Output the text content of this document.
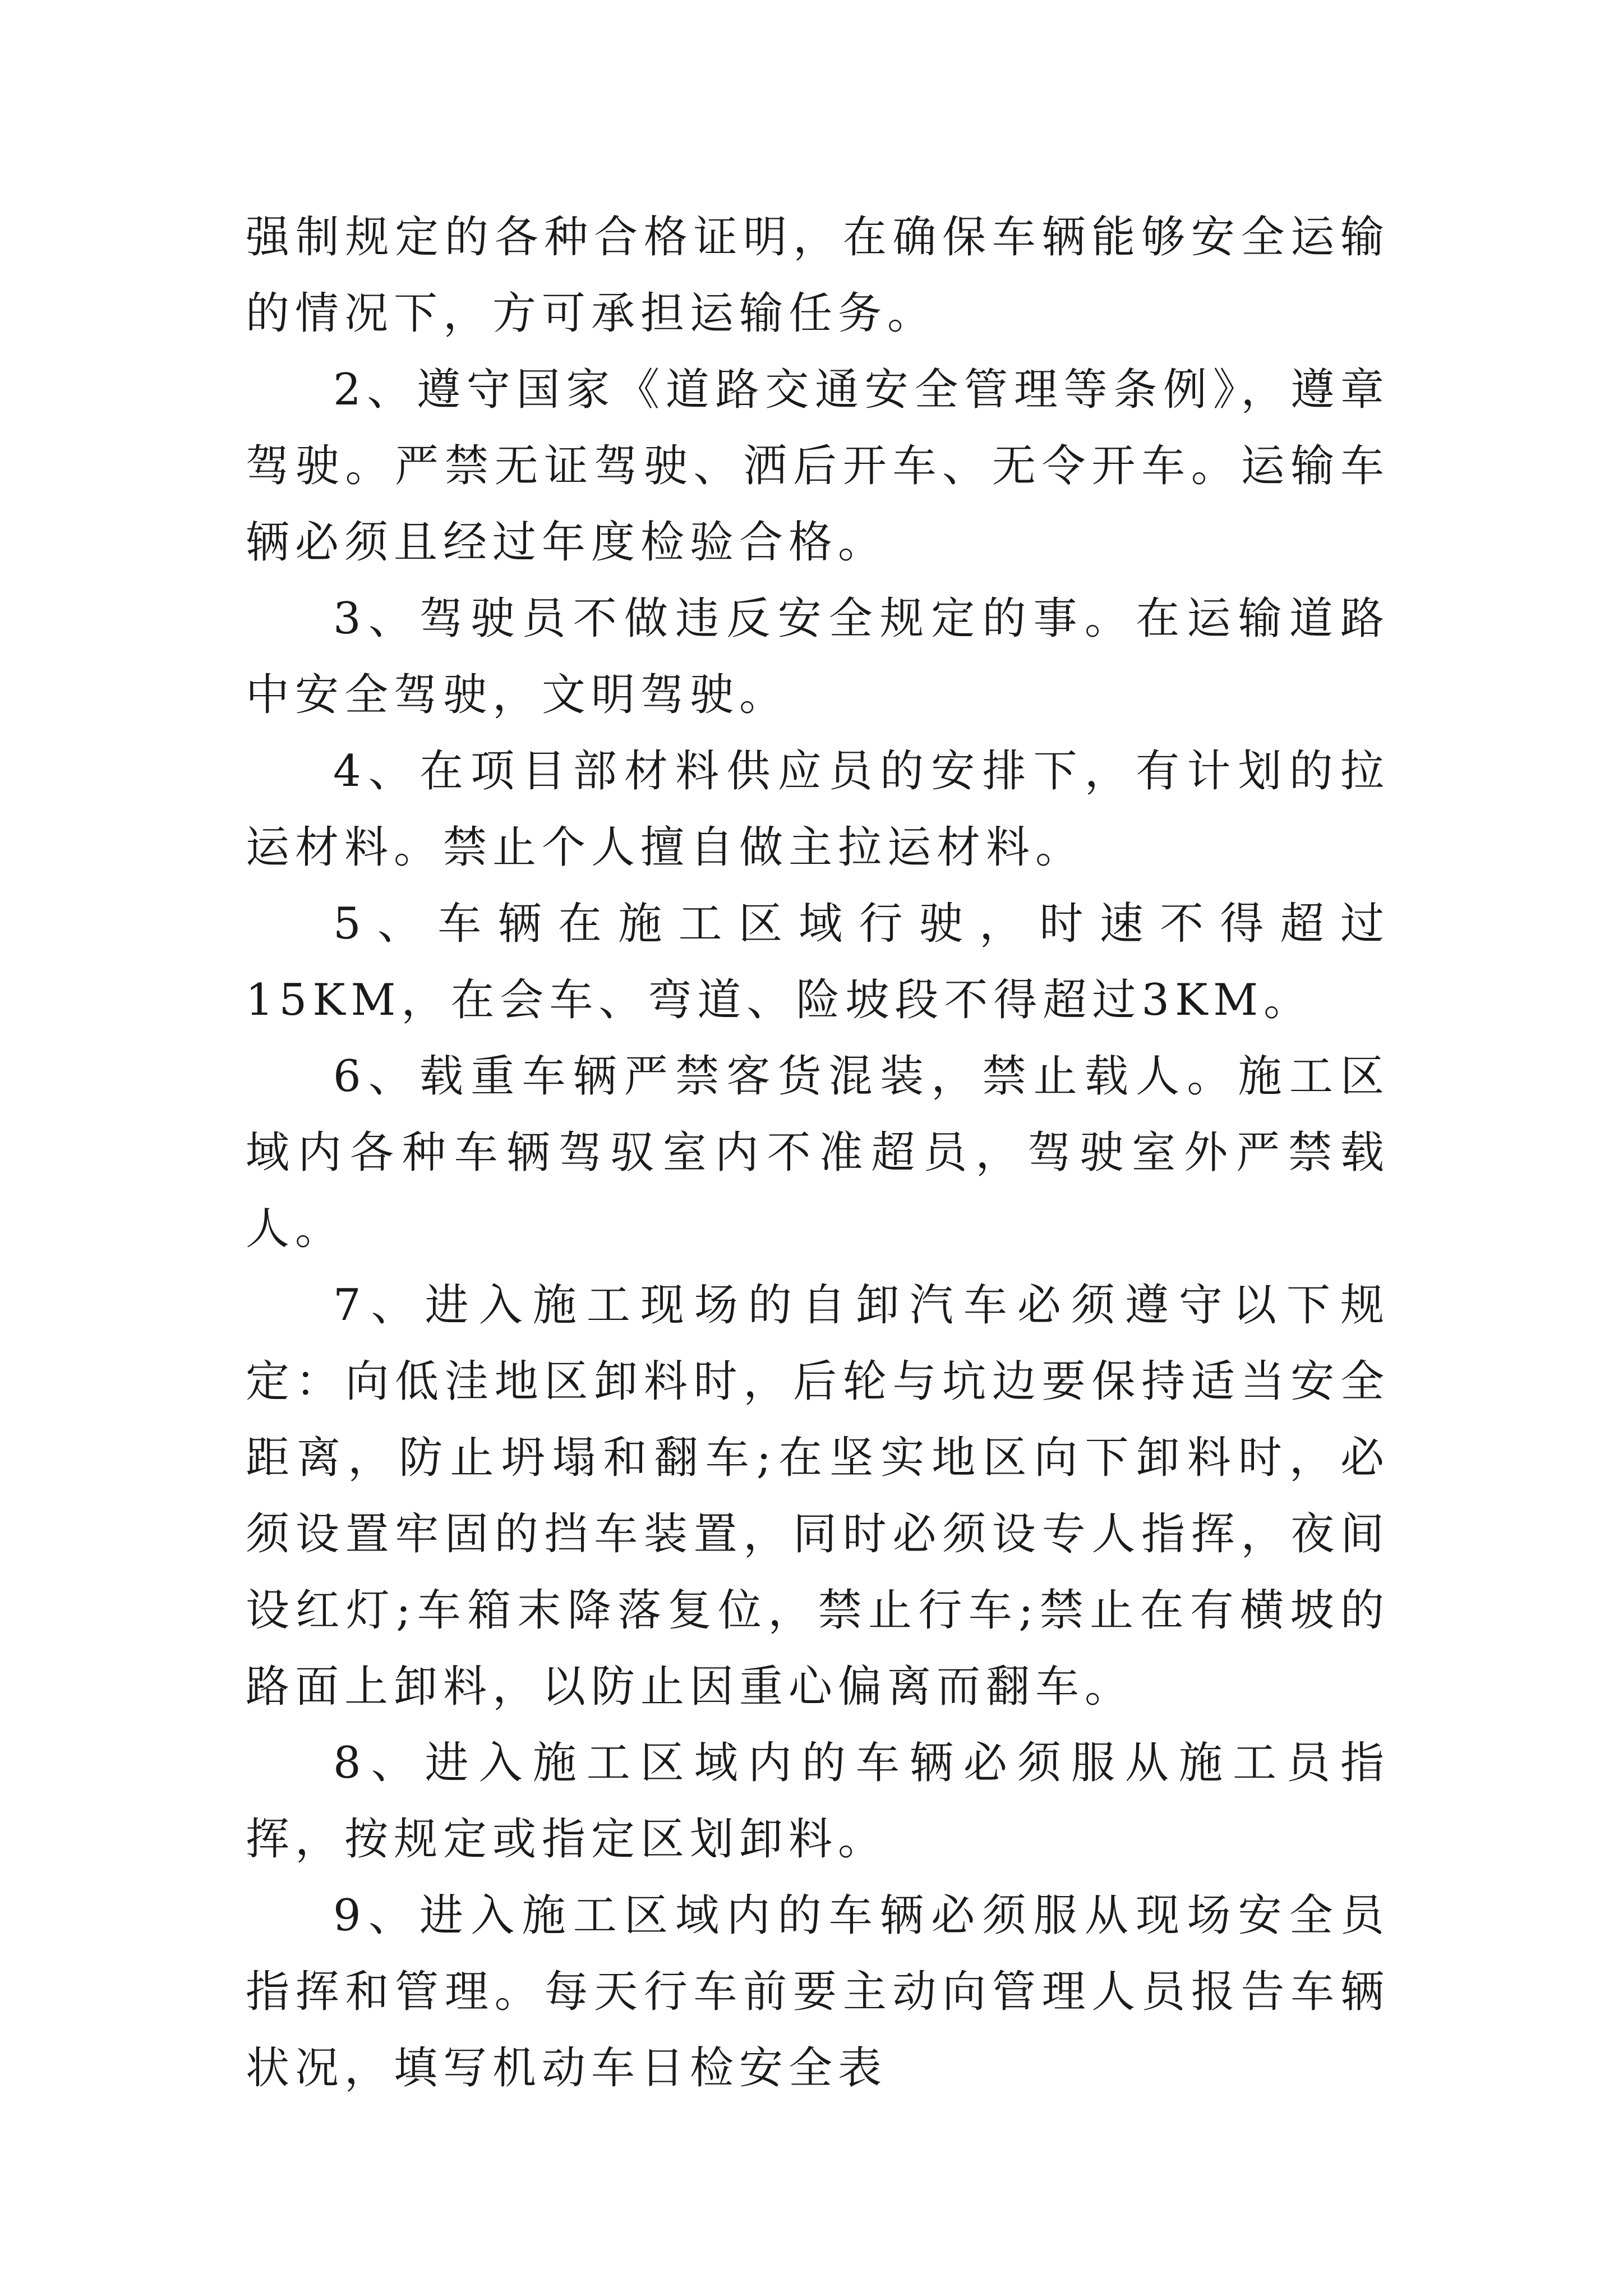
强制规定的各种合格证明，在确保车辆能够安全运输的情况下，方可承担运输任务。

2、遵守国家《道路交通安全管理等条例》，遵章驾驶。严禁无证驾驶、洒后开车、无令开车。运输车辆必须且经过年度检验合格。

3、驾驶员不做违反安全规定的事。在运输道路中安全驾驶，文明驾驶。

4、在项目部材料供应员的安排下，有计划的拉运材料。禁止个人擅自做主拉运材料。

5、车辆在施工区域行驶，时速不得超过15KM，在会车、弯道、险坡段不得超过3KM。

6、载重车辆严禁客货混装，禁止载人。施工区域内各种车辆驾驭室内不准超员，驾驶室外严禁载人。

7、进入施工现场的自卸汽车必须遵守以下规定：向低洼地区卸料时，后轮与坑边要保持适当安全距离，防止坍塌和翻车;在坚实地区向下卸料时，必须设置牢固的挡车装置，同时必须设专人指挥，夜间设红灯;车箱末降落复位，禁止行车;禁止在有横坡的路面上卸料，以防止因重心偏离而翻车。

8、进入施工区域内的车辆必须服从施工员指挥，按规定或指定区划卸料。

9、进入施工区域内的车辆必须服从现场安全员指挥和管理。每天行车前要主动向管理人员报告车辆状况，填写机动车日检安全表
